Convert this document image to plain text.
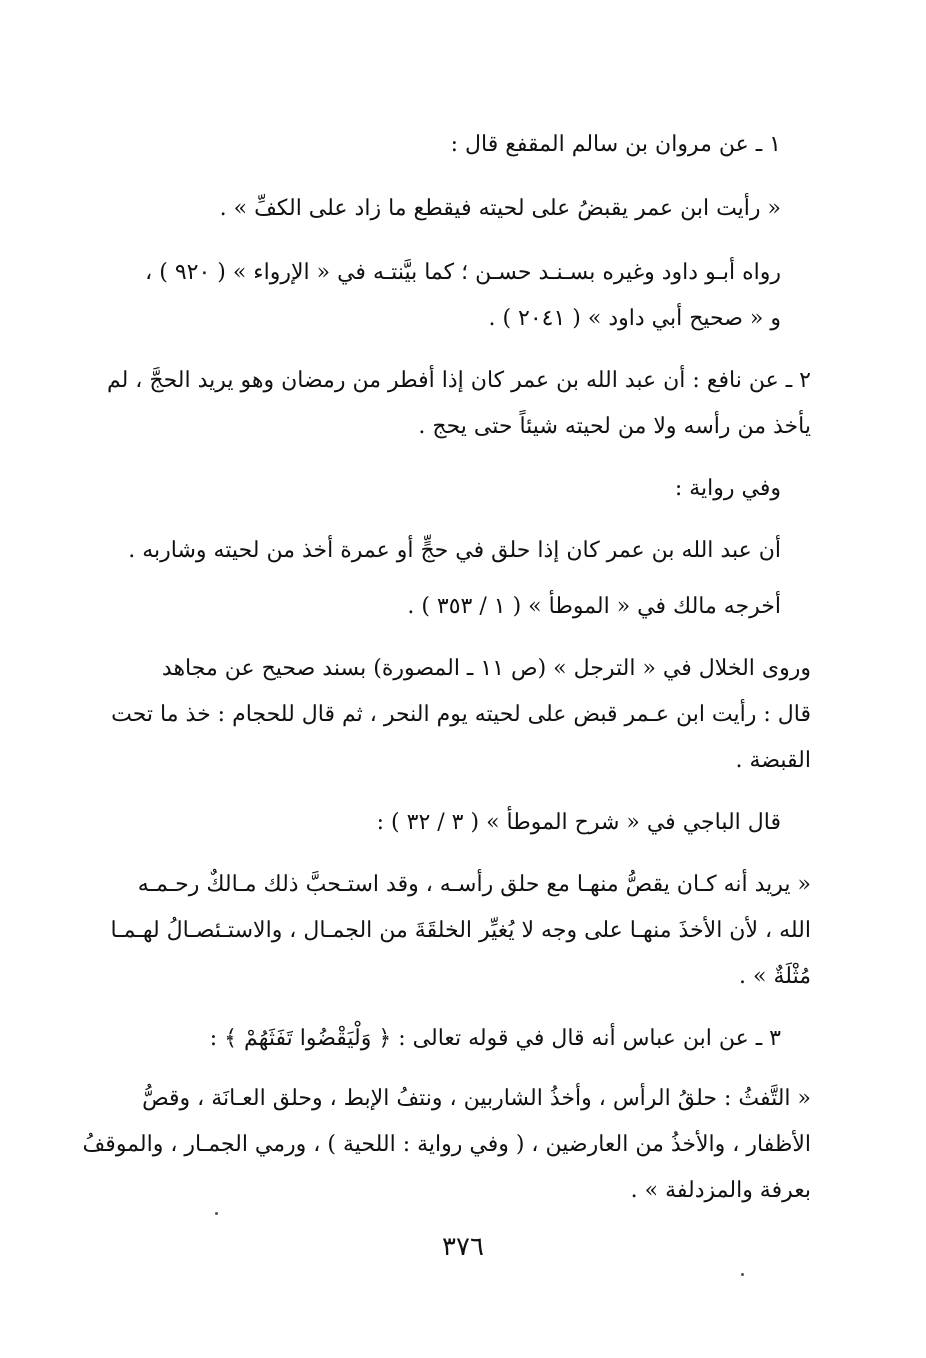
١ ـ عن مروان بن سالم المقفع قال :
« رأيت ابن عمر يقبضُ على لحيته فيقطع ما زاد على الكفِّ » .
رواه أبـو داود وغيره بسـنـد حسـن ؛ كما بيَّنتـه في « الإرواء » ( ٩٢٠ ) ،
و « صحيح أبي داود » ( ٢٠٤١ ) .
٢ ـ عن نافع : أن عبد الله بن عمر كان إذا أفطر من رمضان وهو يريد الحجَّ ، لم
يأخذ من رأسه ولا من لحيته شيئاً حتى يحج .
وفي رواية :
أن عبد الله بن عمر كان إذا حلق في حجٍّ أو عمرة أخذ من لحيته وشاربه .
أخرجه مالك في « الموطأ » ( ١ / ٣٥٣ ) .
وروى الخلال في « الترجل » (ص ١١ ـ المصورة) بسند صحيح عن مجاهد
قال : رأيت ابن عـمر قبض على لحيته يوم النحر ، ثم قال للحجام : خذ ما تحت
القبضة .
قال الباجي في « شرح الموطأ » ( ٣ / ٣٢ ) :
« يريد أنه كـان يقصُّ منهـا مع حلق رأسـه ، وقد استـحبَّ ذلك مـالكٌ رحـمـه
الله ، لأن الأخذَ منهـا على وجه لا يُغيِّر الخلقَةَ من الجمـال ، والاستـئصـالُ لهـمـا
مُثْلَةٌ » .
٣ ـ عن ابن عباس أنه قال في قوله تعالى : ﴿ وَلْيَقْضُوا تَفَثَهُمْ ﴾ :
« التَّفثُ : حلقُ الرأس ، وأخذُ الشاربين ، ونتفُ الإبط ، وحلق العـانَة ، وقصُّ
الأظفار ، والأخذُ من العارضين ، ( وفي رواية : اللحية ) ، ورمي الجمـار ، والموقفُ
بعرفة والمزدلفة » .
٣٧٦
